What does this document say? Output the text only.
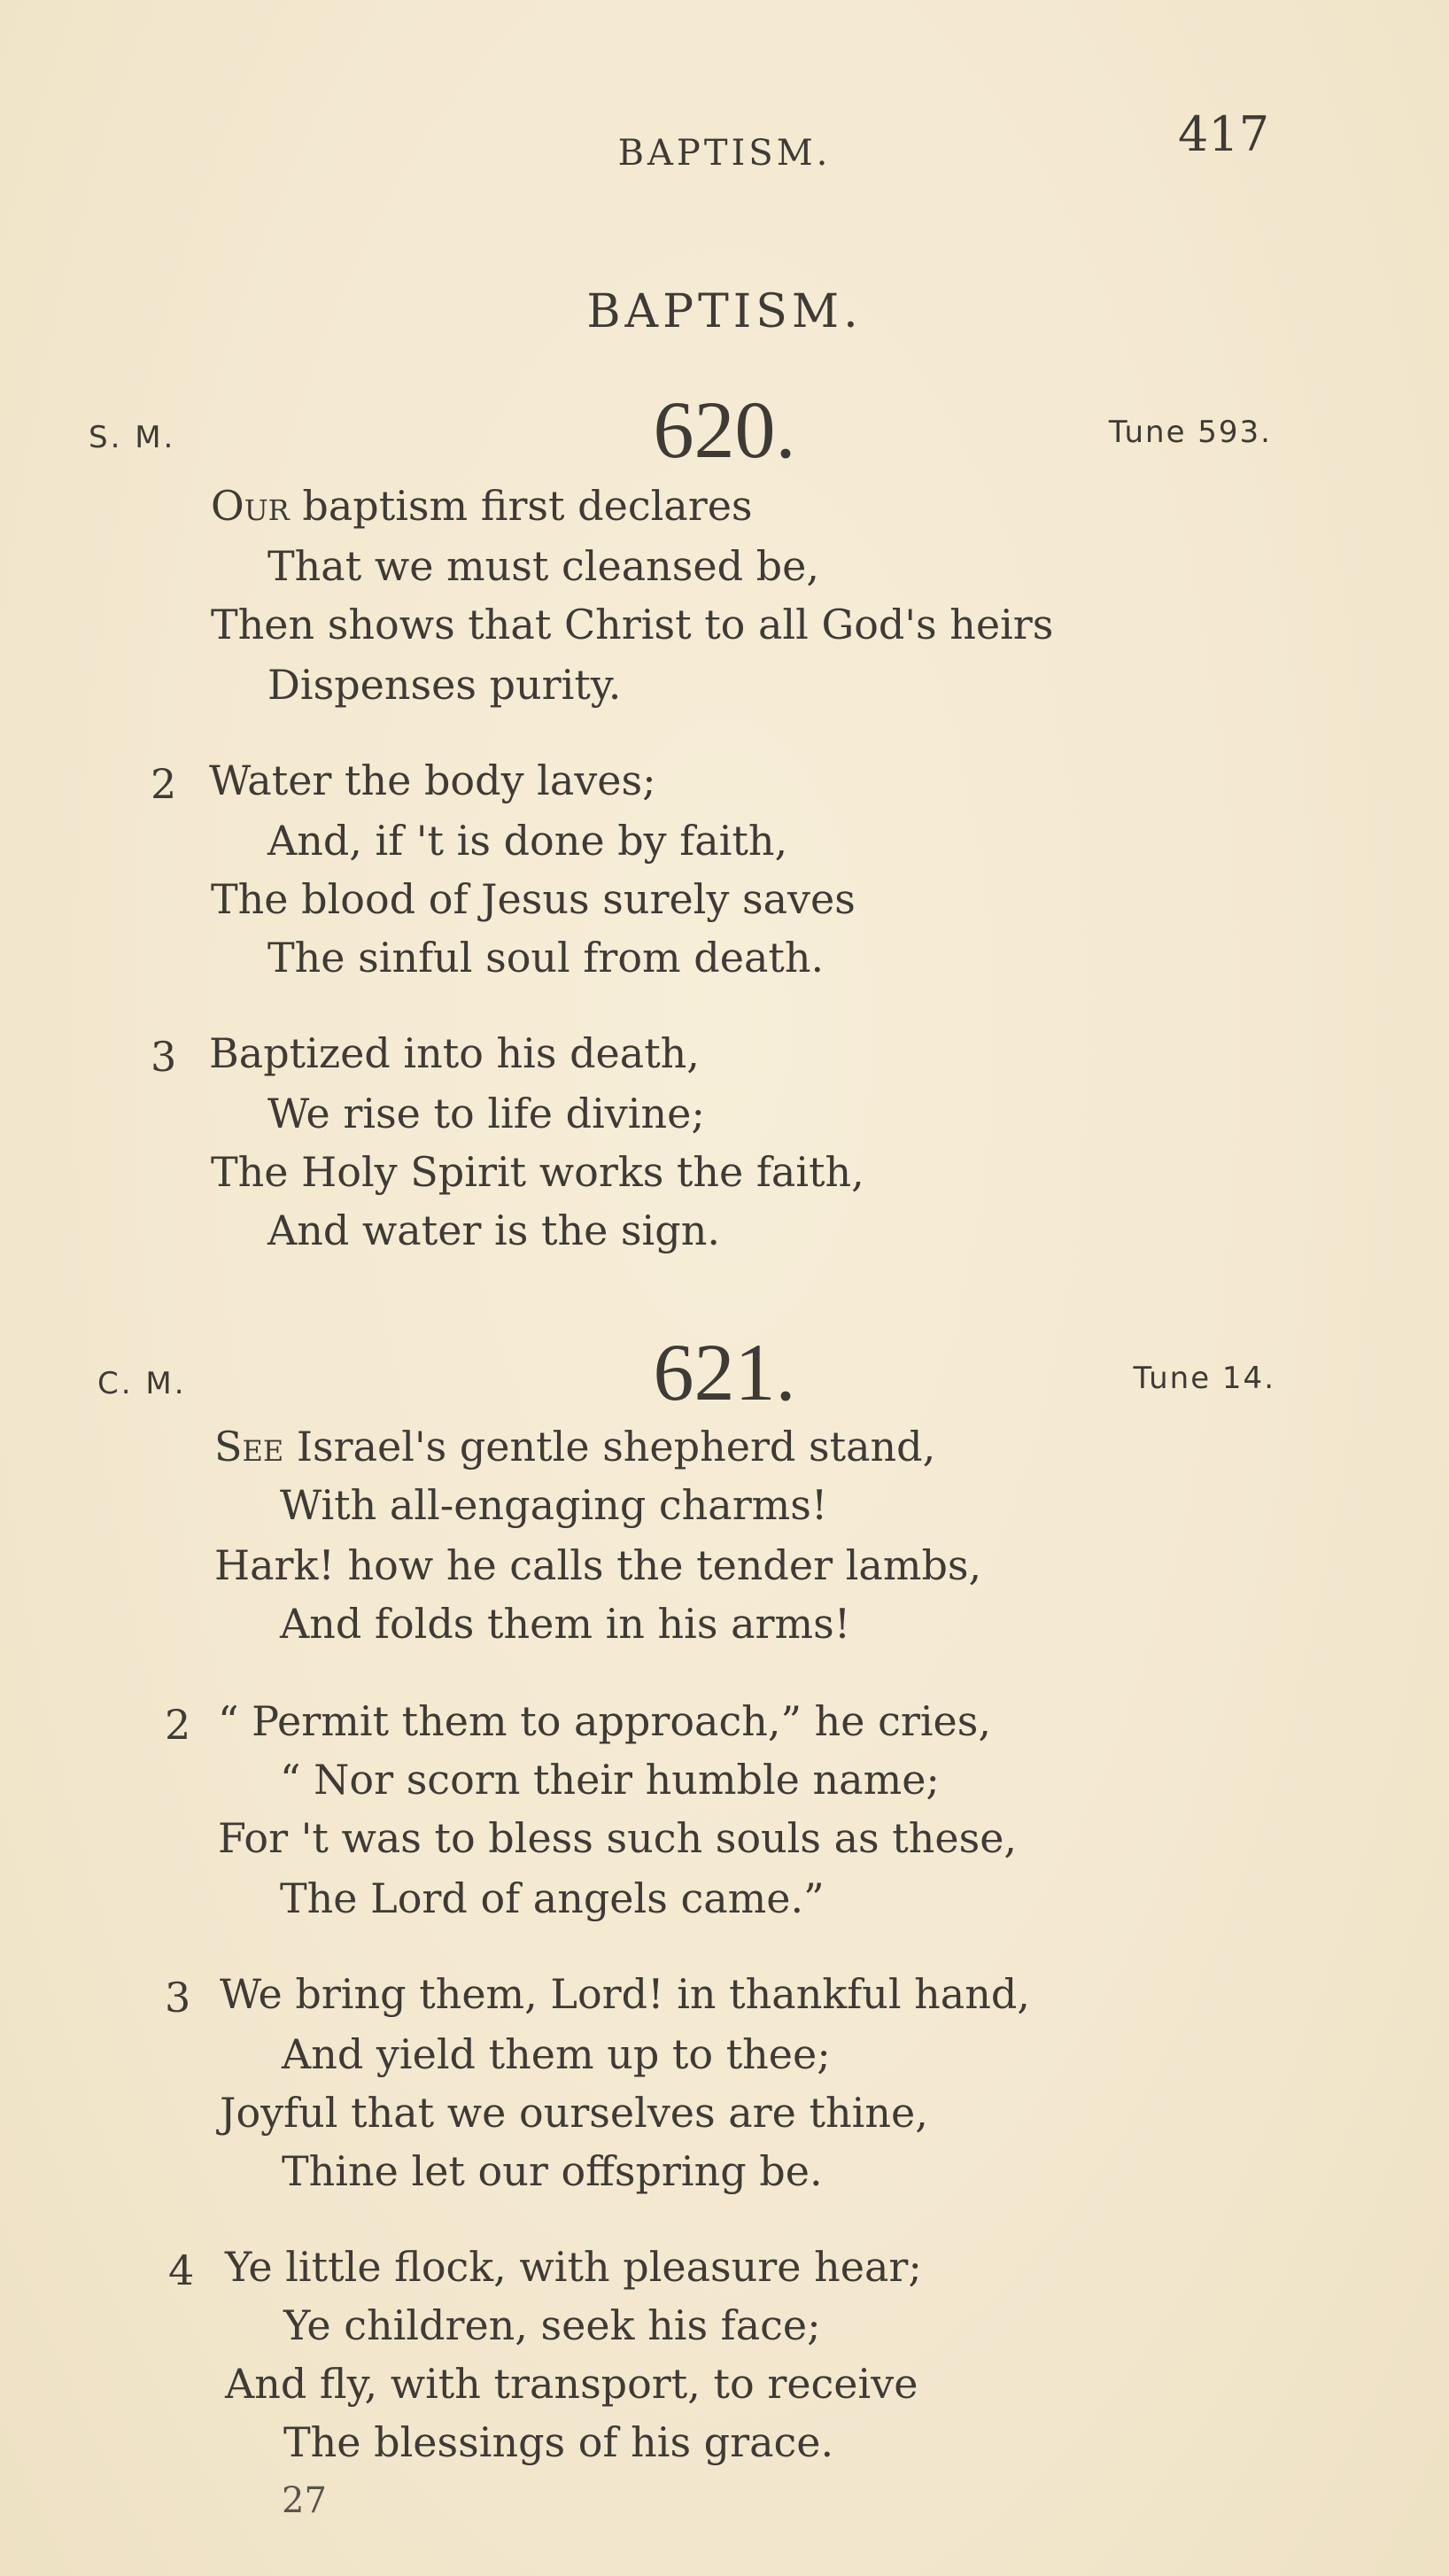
BAPTISM.	417
BAPTISM.
S. M.	620.	Tune 593.
Our baptism first declares
That we must cleansed be,
Then shows that Christ to all God's heirs
Dispenses purity.
2 Water the body laves;
And, if 't is done by faith,
The blood of Jesus surely saves
The sinful soul from death.
3 Baptized into his death,
We rise to life divine;
The Holy Spirit works the faith,
And water is the sign.
C. M.	621.	Tune 14.
See Israel's gentle shepherd stand,
With all-engaging charms!
Hark! how he calls the tender lambs,
And folds them in his arms!
2 “ Permit them to approach,” he cries,
“ Nor scorn their humble name;
For 't was to bless such souls as these,
The Lord of angels came.”
3 We bring them, Lord! in thankful hand,
And yield them up to thee;
Joyful that we ourselves are thine,
Thine let our offspring be.
4 Ye little flock, with pleasure hear;
Ye children, seek his face;
And fly, with transport, to receive
The blessings of his grace.
27
